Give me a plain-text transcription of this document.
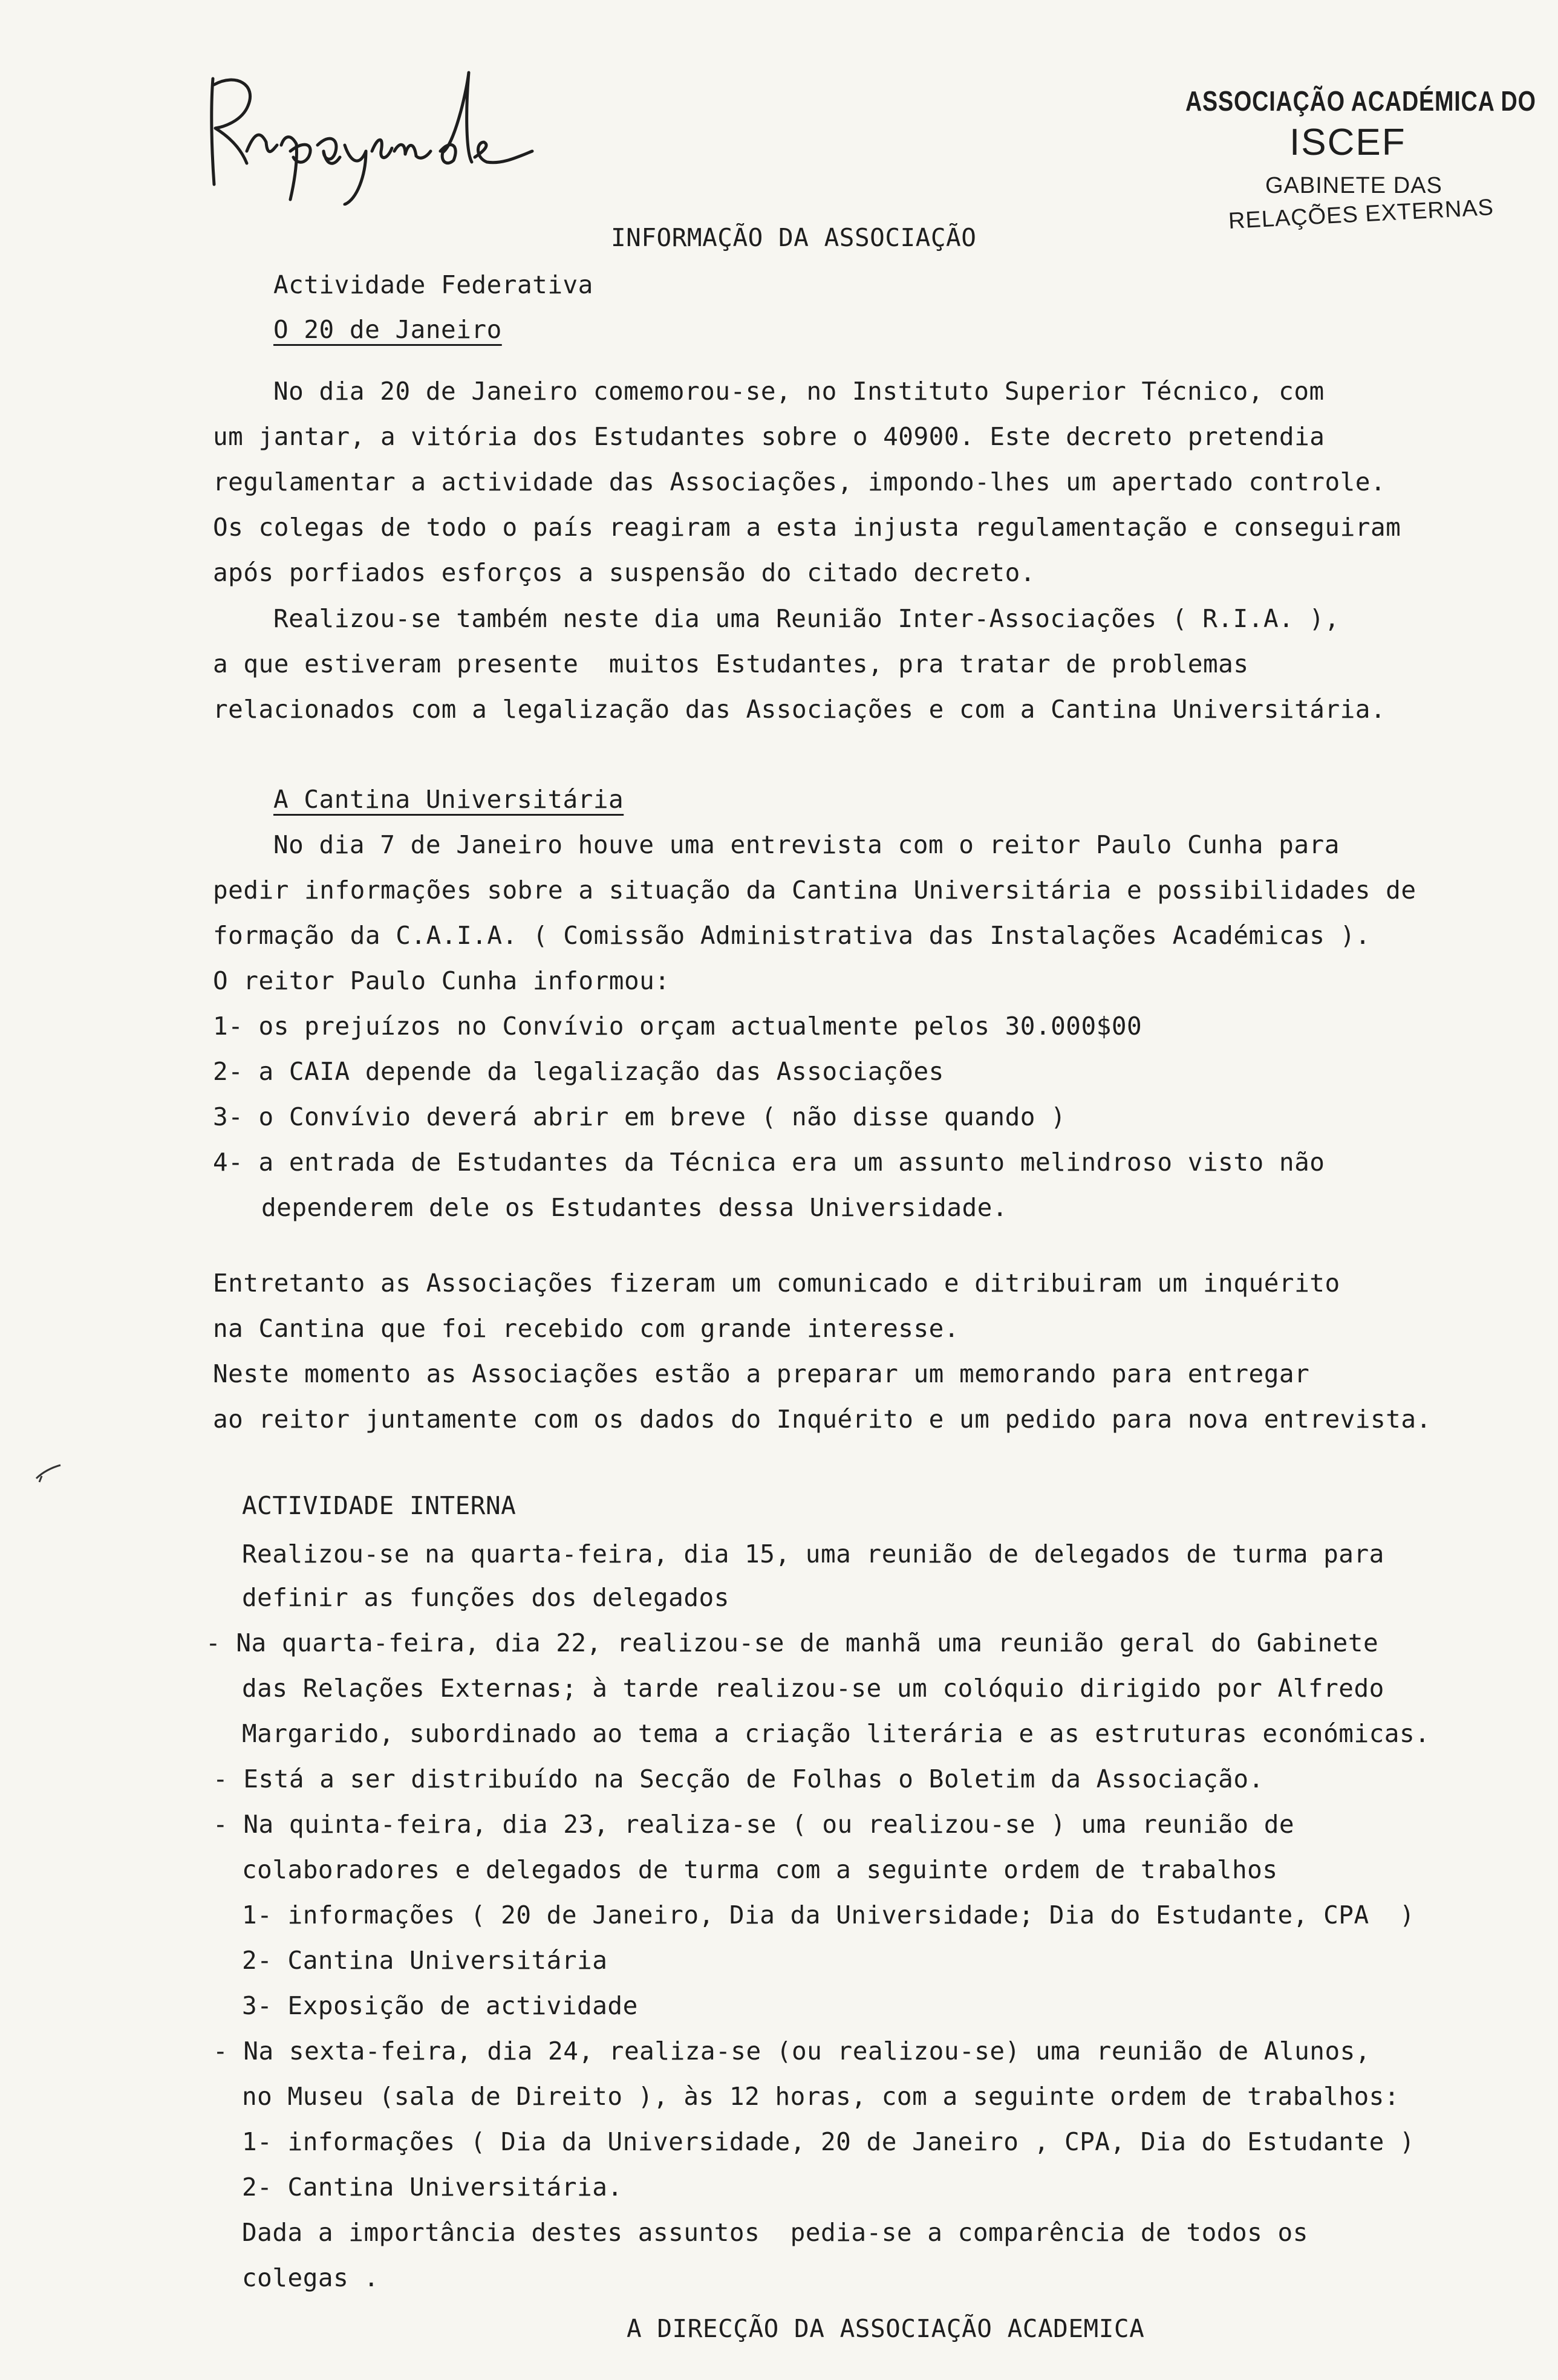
ASSOCIAÇÃO ACADÉMICA DO
ISCEF
GABINETE DAS
RELAÇÕES EXTERNAS
INFORMAÇÃO DA ASSOCIAÇÃO
Actividade Federativa
O 20 de Janeiro
No dia 20 de Janeiro comemorou-se, no Instituto Superior Técnico, com
um jantar, a vitória dos Estudantes sobre o 40900. Este decreto pretendia
regulamentar a actividade das Associações, impondo-lhes um apertado controle.
Os colegas de todo o país reagiram a esta injusta regulamentação e conseguiram
após porfiados esforços a suspensão do citado decreto.
Realizou-se também neste dia uma Reunião Inter-Associações ( R.I.A. ),
a que estiveram presente  muitos Estudantes, pra tratar de problemas
relacionados com a legalização das Associações e com a Cantina Universitária.
A Cantina Universitária
No dia 7 de Janeiro houve uma entrevista com o reitor Paulo Cunha para
pedir informações sobre a situação da Cantina Universitária e possibilidades de
formação da C.A.I.A. ( Comissão Administrativa das Instalações Académicas ).
O reitor Paulo Cunha informou:
1- os prejuízos no Convívio orçam actualmente pelos 30.000$00
2- a CAIA depende da legalização das Associações
3- o Convívio deverá abrir em breve ( não disse quando )
4- a entrada de Estudantes da Técnica era um assunto melindroso visto não
dependerem dele os Estudantes dessa Universidade.
Entretanto as Associações fizeram um comunicado e ditribuiram um inquérito
na Cantina que foi recebido com grande interesse.
Neste momento as Associações estão a preparar um memorando para entregar
ao reitor juntamente com os dados do Inquérito e um pedido para nova entrevista.
ACTIVIDADE INTERNA
Realizou-se na quarta-feira, dia 15, uma reunião de delegados de turma para
definir as funções dos delegados
- Na quarta-feira, dia 22, realizou-se de manhã uma reunião geral do Gabinete
das Relações Externas; à tarde realizou-se um colóquio dirigido por Alfredo
Margarido, subordinado ao tema a criação literária e as estruturas económicas.
- Está a ser distribuído na Secção de Folhas o Boletim da Associação.
- Na quinta-feira, dia 23, realiza-se ( ou realizou-se ) uma reunião de
colaboradores e delegados de turma com a seguinte ordem de trabalhos
1- informações ( 20 de Janeiro, Dia da Universidade; Dia do Estudante, CPA  )
2- Cantina Universitária
3- Exposição de actividade
- Na sexta-feira, dia 24, realiza-se (ou realizou-se) uma reunião de Alunos,
no Museu (sala de Direito ), às 12 horas, com a seguinte ordem de trabalhos:
1- informações ( Dia da Universidade, 20 de Janeiro , CPA, Dia do Estudante )
2- Cantina Universitária.
Dada a importância destes assuntos  pedia-se a comparência de todos os
colegas .
A DIRECÇÃO DA ASSOCIAÇÃO ACADEMICA
